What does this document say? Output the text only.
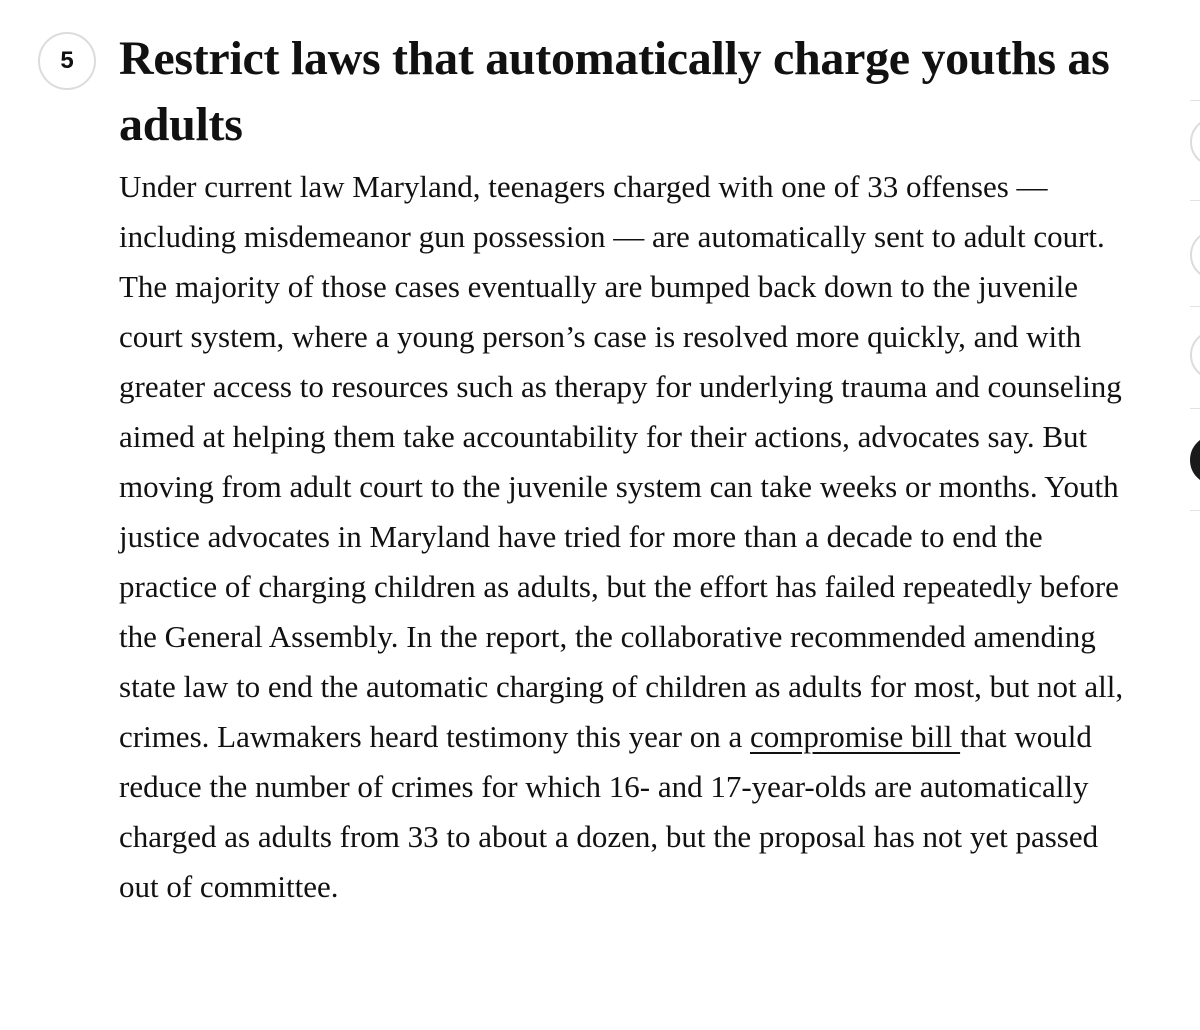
5 Restrict laws that automatically charge youths as adults

Under current law Maryland, teenagers charged with one of 33 offenses — including misdemeanor gun possession — are automatically sent to adult court. The majority of those cases eventually are bumped back down to the juvenile court system, where a young person’s case is resolved more quickly, and with greater access to resources such as therapy for underlying trauma and counseling aimed at helping them take accountability for their actions, advocates say. But moving from adult court to the juvenile system can take weeks or months. Youth justice advocates in Maryland have tried for more than a decade to end the practice of charging children as adults, but the effort has failed repeatedly before the General Assembly. In the report, the collaborative recommended amending state law to end the automatic charging of children as adults for most, but not all, crimes. Lawmakers heard testimony this year on a compromise bill that would reduce the number of crimes for which 16- and 17-year-olds are automatically charged as adults from 33 to about a dozen, but the proposal has not yet passed out of committee.
